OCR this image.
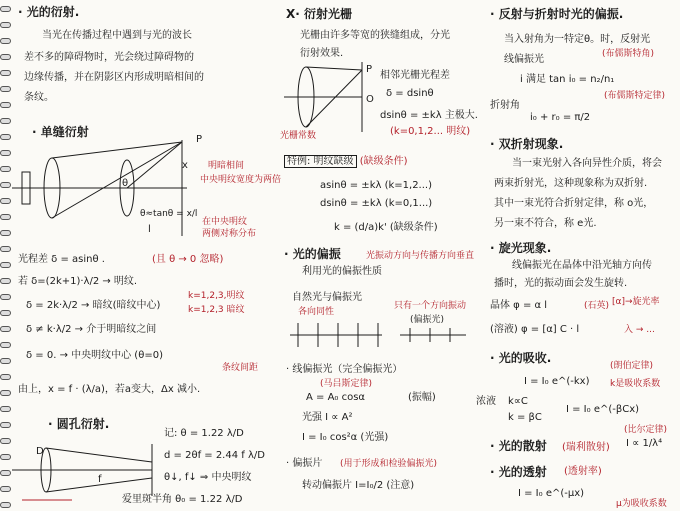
· 光的衍射.
当光在传播过程中遇到与光的波长
差不多的障碍物时，光会绕过障碍物的
边缘传播，并在阴影区内形成明暗相间的
条纹。
· 单缝衍射
P
x
θ
l
θ≈tanθ = x/l
明暗相间
中央明纹宽度为两倍
在中央明纹
两侧对称分布
光程差 δ = asinθ .	(且 θ → 0 忽略)
若 δ=(2k+1)·λ/2 → 明纹.
δ = 2k·λ/2 → 暗纹(暗纹中心)
δ ≠ k·λ/2 → 介于明暗纹之间
δ = 0. → 中央明纹中心 (θ=0)
k=1,2,3,明纹
k=1,2,3 暗纹
条纹间距
由上，x = f · (λ/a)，若a变大，Δx 减小.
· 圆孔衍射.
记: θ = 1.22 λ/D
d = 2θf = 2.44 f λ/D
θ↓, f↓ ⇒ 中央明纹
D
f
爱里斑半角 θ₀ = 1.22 λ/D
X· 衍射光栅
光栅由许多等宽的狭缝组成，分光
衍射效果.
P
O
相邻光栅光程差
δ = dsinθ
dsinθ = ±kλ 主极大.
(k=0,1,2... 明纹)
光栅常数
特例: 明纹缺级 (缺级条件)
asinθ = ±kλ (k=1,2...)
dsinθ = ±kλ (k=0,1...)
k = (d/a)k' (缺级条件)
· 光的偏振
利用光的偏振性质
光振动方向与传播方向垂直
自然光与偏振光
各向同性
只有一个方向振动
(偏振光)
· 线偏振光（完全偏振光）
(马吕斯定律)
A = A₀ cosα	(振幅)
光强 I ∝ A²
I = I₀ cos²α (光强)
· 偏振片 (用于形成和检验偏振光)
转动偏振片 I=I₀/2 (注意)
· 反射与折射时光的偏振.
当入射角为一特定θ。时，反射光
(布儒斯特角)
线偏振光
i 满足 tan i₀ = n₂/n₁
(布儒斯特定律)
折射角
i₀ + r₀ = π/2
· 双折射现象.
当一束光射入各向异性介质，将会
两束折射光，这种现象称为双折射.
其中一束光符合折射定律，称 o光，
另一束不符合，称 e光.
· 旋光现象.
线偏振光在晶体中沿光轴方向传
播时，光的振动面会发生旋转.
晶体 φ = α l	(石英) [α]→旋光率
(溶液) φ = [α] C · l	入 → ...
· 光的吸收.
(朗伯定律)
I = I₀ e^(-kx) k是吸收系数
浓液 k∝C
k = βC
I = I₀ e^(-βCx)
(比尔定律)
· 光的散射 (瑞利散射) I ∝ 1/λ⁴
· 光的透射 (透射率)
I = I₀ e^(-μx)
μ为吸收系数
